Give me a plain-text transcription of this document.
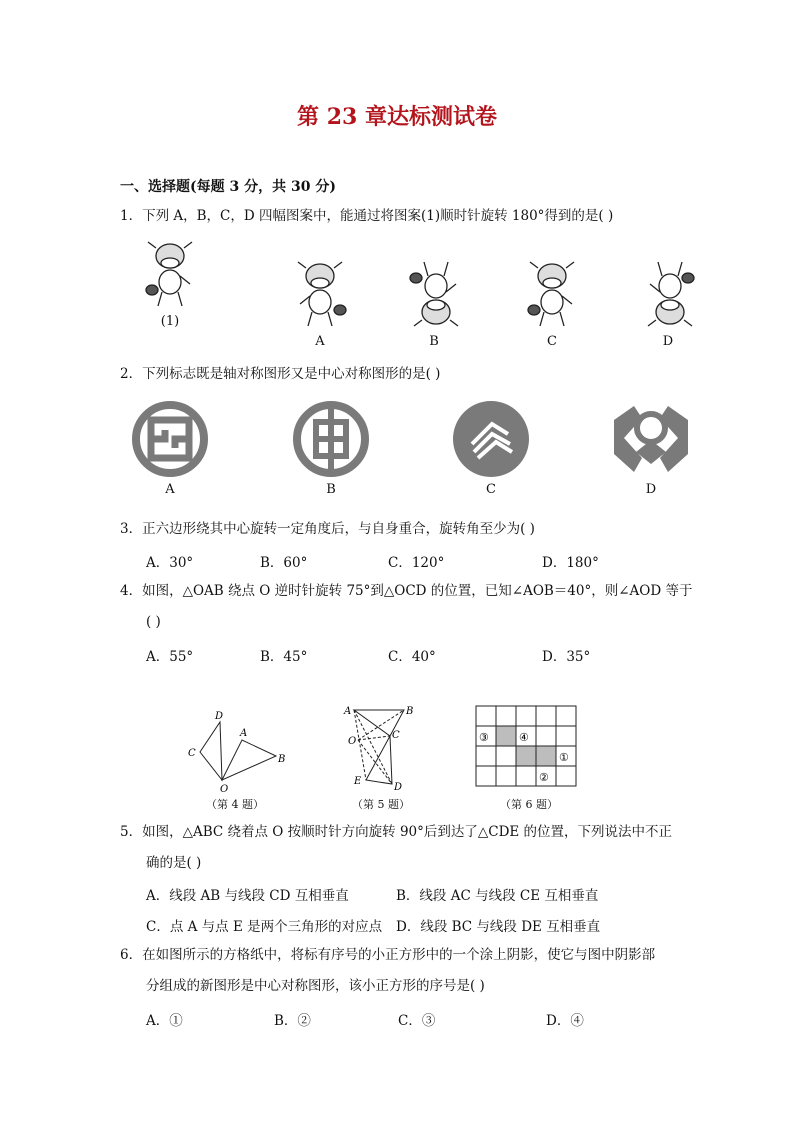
第 23 章达标测试卷
一、选择题(每题 3 分，共 30 分)
1．下列 A，B，C，D 四幅图案中，能通过将图案(1)顺时针旋转 180°得到的是( )
(1)
A	B	C	D
2．下列标志既是轴对称图形又是中心对称图形的是( )
A	B	C	D
3．正六边形绕其中心旋转一定角度后，与自身重合，旋转角至少为( )
A．30°	B．60°	C．120°	D．180°
4．如图，△OAB 绕点 O 逆时针旋转 75°到△OCD 的位置，已知∠AOB＝40°，则∠AOD 等于
( )
A．55°	B．45°	C．40°	D．35°
D
C
A
B
O
（第 4 题）
A	B
O
C
E
D
（第 5 题）
③	④
①
②
（第 6 题）
5．如图，△ABC 绕着点 O 按顺时针方向旋转 90°后到达了△CDE 的位置，下列说法中不正
确的是( )
A．线段 AB 与线段 CD 互相垂直	B．线段 AC 与线段 CE 互相垂直
C．点 A 与点 E 是两个三角形的对应点 D．线段 BC 与线段 DE 互相垂直
6．在如图所示的方格纸中，将标有序号的小正方形中的一个涂上阴影，使它与图中阴影部
分组成的新图形是中心对称图形，该小正方形的序号是( )
A．①	B．②	C．③	D．④
